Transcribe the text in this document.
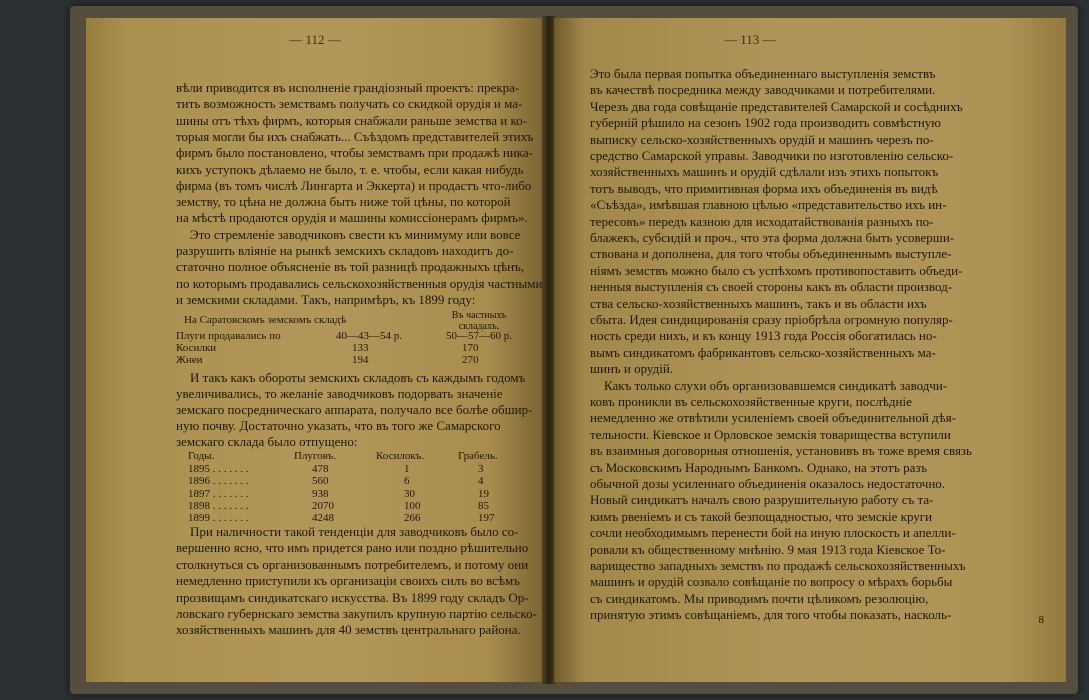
— 112 —
вѣли приводится въ исполненіе грандіозный проектъ: прекра-
тить возможность земствамъ получать со скидкой орудія и ма-
шины отъ тѣхъ фирмъ, которыя снабжали раньше земства и ко-
торыя могли бы ихъ снабжать... Съѣздомъ представителей этихъ
фирмъ было постановлено, чтобы земствамъ при продажѣ ника-
кихъ уступокъ дѣлаемо не было, т. е. чтобы, если какая нибудь
фирма (въ томъ числѣ Лингарта и Эккерта) и продастъ что-либо
земству, то цѣна не должна быть ниже той цѣны, по которой
на мѣстѣ продаются орудія и машины комиссіонерамъ фирмъ».
Это стремленіе заводчиковъ свести къ минимуму или вовсе
разрушить вліяніе на рынкѣ земскихъ складовъ находитъ до-
статочно полное объясненіе въ той разницѣ продажныхъ цѣнъ,
по которымъ продавались сельскохозяйственныя орудія частными
и земскими складами. Такъ, напримѣръ, къ 1899 году:
На Саратовскомъ земскомъ складѣ	Въ частныхъ складахъ.
Плуги продавались по	40—43—54 р.	50—57—60 р.
Косилки	133	170
Жнеи	194	270
И такъ какъ обороты земскихъ складовъ съ каждымъ годомъ
увеличивались, то желаніе заводчиковъ подорвать значеніе
земскаго посредническаго аппарата, получало все болѣе обшир-
ную почву. Достаточно указать, что въ того же Самарского
земскаго склада было отпущено:
Годы.	Плуговъ.	Косилокъ.	Грабель.
1895 . . . . . . .	478	1	3
1896 . . . . . . .	560	6	4
1897 . . . . . . .	938	30	19
1898 . . . . . . .	2070	100	85
1899 . . . . . . .	4248	266	197
При наличности такой тенденціи для заводчиковъ было со-
вершенно ясно, что имъ придется рано или поздно рѣшительно
столкнуться съ организованнымъ потребителемъ, и потому они
немедленно приступили къ организаціи своихъ силъ во всѣмъ
прозвищамъ синдикатскаго искусства. Въ 1899 году складъ Ор-
ловскаго губернскаго земства закупилъ крупную партію сельско-
хозяйственныхъ машинъ для 40 земствъ центральнаго района.
— 113 —
Это была первая попытка объединеннаго выступленія земствъ
въ качествѣ посредника между заводчиками и потребителями.
Черезъ два года совѣщаніе представителей Самарской и сосѣднихъ
губерній рѣшило на сезонъ 1902 года производить совмѣстную
выписку сельско-хозяйственныхъ орудій и машинъ черезъ по-
средство Самарской управы. Заводчики по изготовленію сельско-
хозяйственныхъ машинъ и орудій сдѣлали изъ этихъ попытокъ
тотъ выводъ, что примитивная форма ихъ объединенія въ видѣ
«Съѣзда», имѣвшая главною цѣлью «представительство ихъ ин-
тересовъ» передъ казною для исходатайствованія разныхъ по-
блажекъ, субсидій и проч., что эта форма должна быть усоверши-
ствована и дополнена, для того чтобы объединеннымъ выступле-
ніямъ земствъ можно было съ успѣхомъ противопоставить объеди-
ненныя выступленія съ своей стороны какъ въ области производ-
ства сельско-хозяйственныхъ машинъ, такъ и въ области ихъ
сбыта. Идея синдицированія сразу пріобрѣла огромную популяр-
ность среди нихъ, и къ концу 1913 года Россія обогатилась но-
вымъ синдикатомъ фабрикантовъ сельско-хозяйственныхъ ма-
шинъ и орудій.
Какъ только слухи объ организовавшемся синдикатѣ заводчи-
ковъ проникли въ сельскохозяйственные круги, послѣдніе
немедленно же отвѣтили усиленіемъ своей объединительной дѣя-
тельности. Кіевское и Орловское земскія товарищества вступили
въ взаимныя договорныя отношенія, установивъ въ тоже время связь
съ Московскимъ Народнымъ Банкомъ. Однако, на этотъ разъ
обычной дозы усиленнаго объединенія оказалось недостаточно.
Новый синдикатъ началъ свою разрушительную работу съ та-
кимъ рвеніемъ и съ такой безпощадностью, что земскіе круги
сочли необходимымъ перенести бой на иную плоскость и апелли-
ровали къ общественному мнѣнію. 9 мая 1913 года Кіевское То-
варищество западныхъ земствъ по продажѣ сельскохозяйственныхъ
машинъ и орудій созвало совѣщаніе по вопросу о мѣрахъ борьбы
съ синдикатомъ. Мы приводимъ почти цѣликомъ резолюцію,
принятую этимъ совѣщаніемъ, для того чтобы показать, насколь-	8
